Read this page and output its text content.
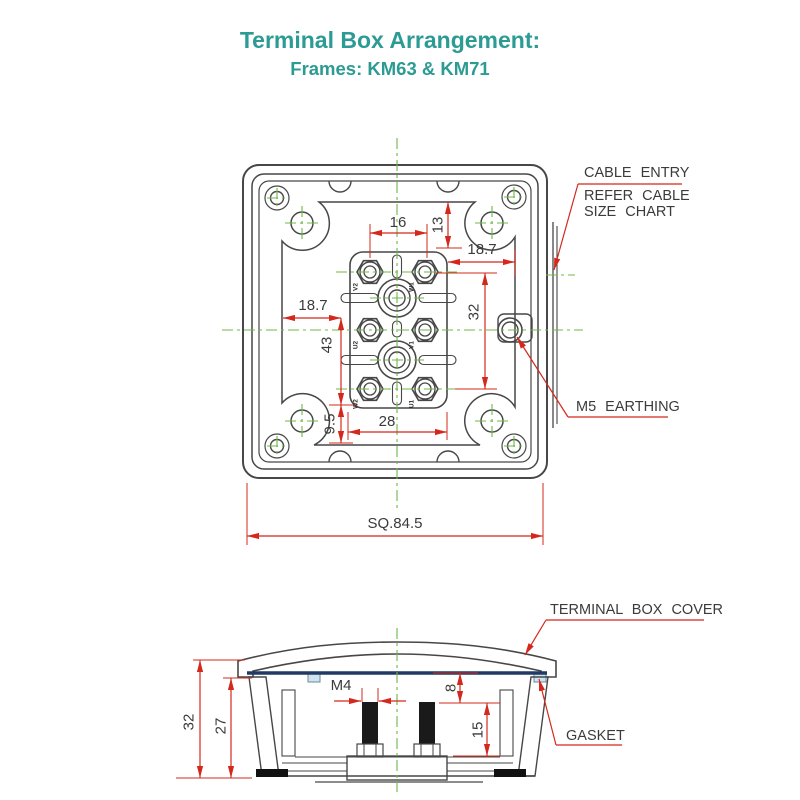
Terminal Box Arrangement:
Frames: KM63 & KM71
V2
U2
W2
W1
V1
U1
16 13
18.7
18.7
43
9.5	28
32
SQ.84.5
CABLE ENTRY
REFER CABLE
SIZE CHART
M5 EARTHING
32 27
M4	8
15
TERMINAL BOX COVER
GASKET
